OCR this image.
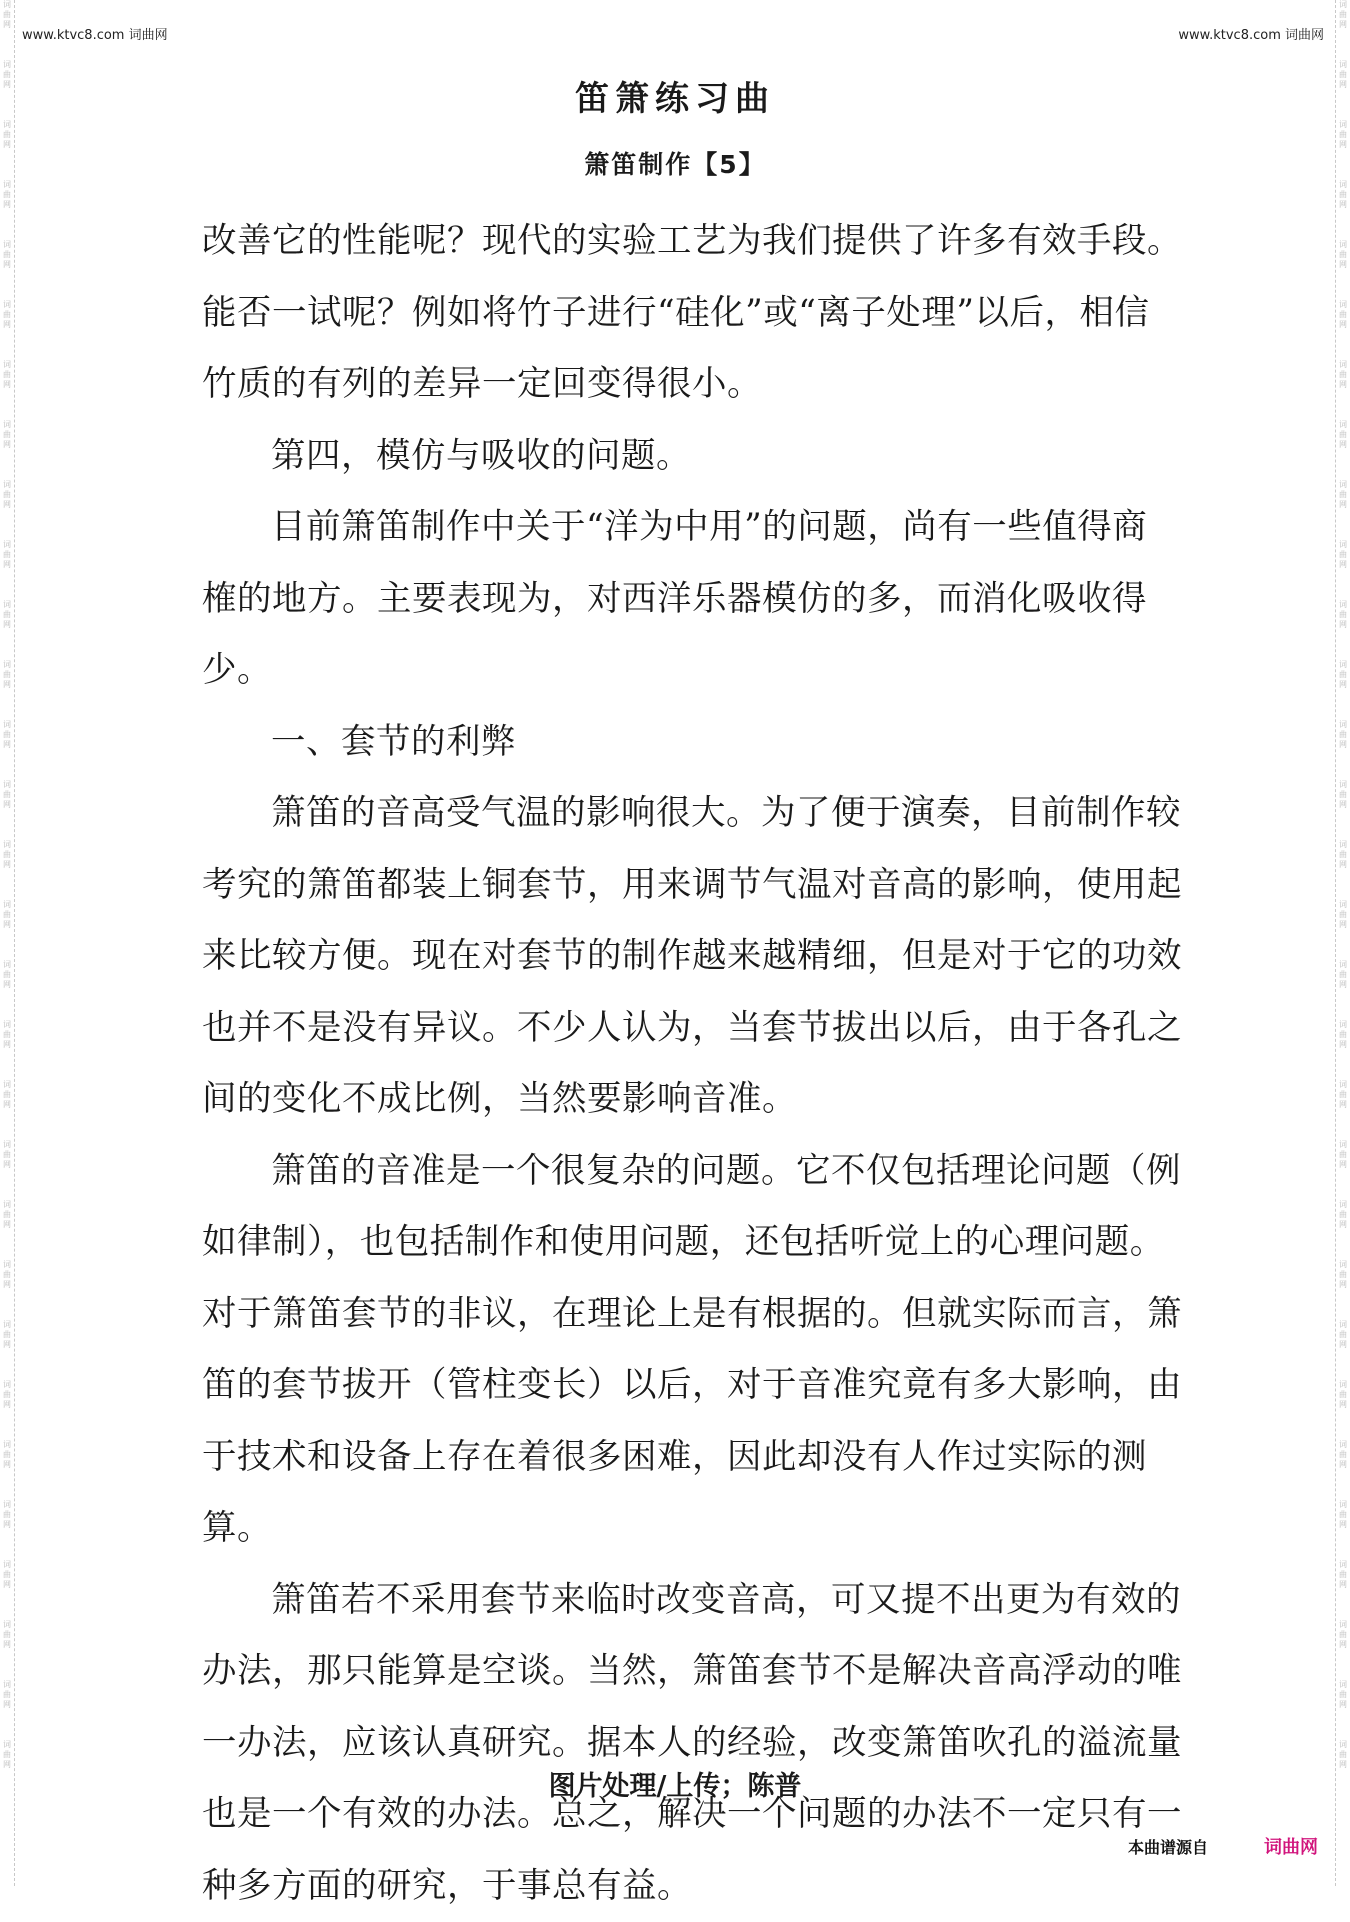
词曲网
词曲网
词曲网
词曲网
词曲网
词曲网
词曲网
词曲网
词曲网
词曲网
词曲网
词曲网
词曲网
词曲网
词曲网
词曲网
词曲网
词曲网
词曲网
词曲网
词曲网
词曲网
词曲网
词曲网
词曲网
词曲网
词曲网
词曲网
词曲网
词曲网
词曲网
词曲网
词曲网
词曲网
词曲网
词曲网
词曲网
词曲网
词曲网
词曲网
词曲网
词曲网
词曲网
词曲网
词曲网
词曲网
词曲网
词曲网
词曲网
词曲网
词曲网
词曲网
词曲网
词曲网
词曲网
词曲网
词曲网
词曲网
词曲网
词曲网
www.ktvc8.com 词曲网	www.ktvc8.com 词曲网
笛箫练习曲
箫笛制作【5】

改善它的性能呢？现代的实验工艺为我们提供了许多有效手段。能否一试呢？例如将竹子进行“硅化”或“离子处理”以后，相信竹质的有列的差异一定回变得很小。

第四，模仿与吸收的问题。

目前箫笛制作中关于“洋为中用”的问题，尚有一些值得商榷的地方。主要表现为，对西洋乐器模仿的多，而消化吸收得少。

一、套节的利弊

箫笛的音高受气温的影响很大。为了便于演奏，目前制作较考究的箫笛都装上铜套节，用来调节气温对音高的影响，使用起来比较方便。现在对套节的制作越来越精细，但是对于它的功效也并不是没有异议。不少人认为，当套节拔出以后，由于各孔之间的变化不成比例，当然要影响音准。

箫笛的音准是一个很复杂的问题。它不仅包括理论问题（例如律制），也包括制作和使用问题，还包括听觉上的心理问题。对于箫笛套节的非议，在理论上是有根据的。但就实际而言，箫笛的套节拔开（管柱变长）以后，对于音准究竟有多大影响，由于技术和设备上存在着很多困难，因此却没有人作过实际的测算。

箫笛若不采用套节来临时改变音高，可又提不出更为有效的办法，那只能算是空谈。当然，箫笛套节不是解决音高浮动的唯一办法，应该认真研究。据本人的经验，改变箫笛吹孔的溢流量也是一个有效的办法。总之，解决一个问题的办法不一定只有一种多方面的研究，于事总有益。

图片处理/上传；陈普
本曲谱源自	词曲网
